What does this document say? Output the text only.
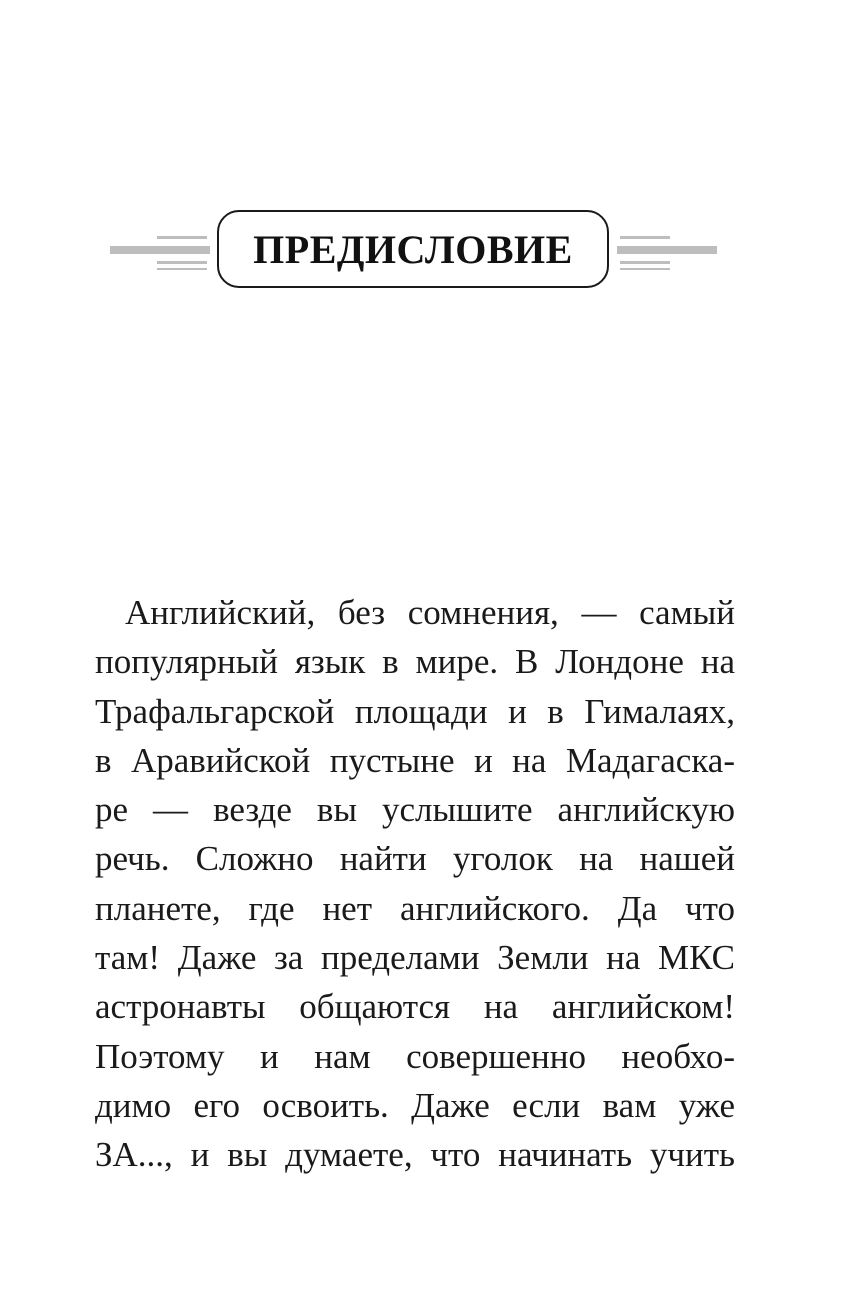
ПРЕДИСЛОВИЕ
Английский, без сомнения, — самый
популярный язык в мире. В Лондоне на
Трафальгарской площади и в Гималаях,
в Аравийской пустыне и на Мадагаска-
ре — везде вы услышите английскую
речь. Сложно найти уголок на нашей
планете, где нет английского. Да что
там! Даже за пределами Земли на МКС
астронавты общаются на английском!
Поэтому и нам совершенно необхо-
димо его освоить. Даже если вам уже
ЗА..., и вы думаете, что начинать учить
